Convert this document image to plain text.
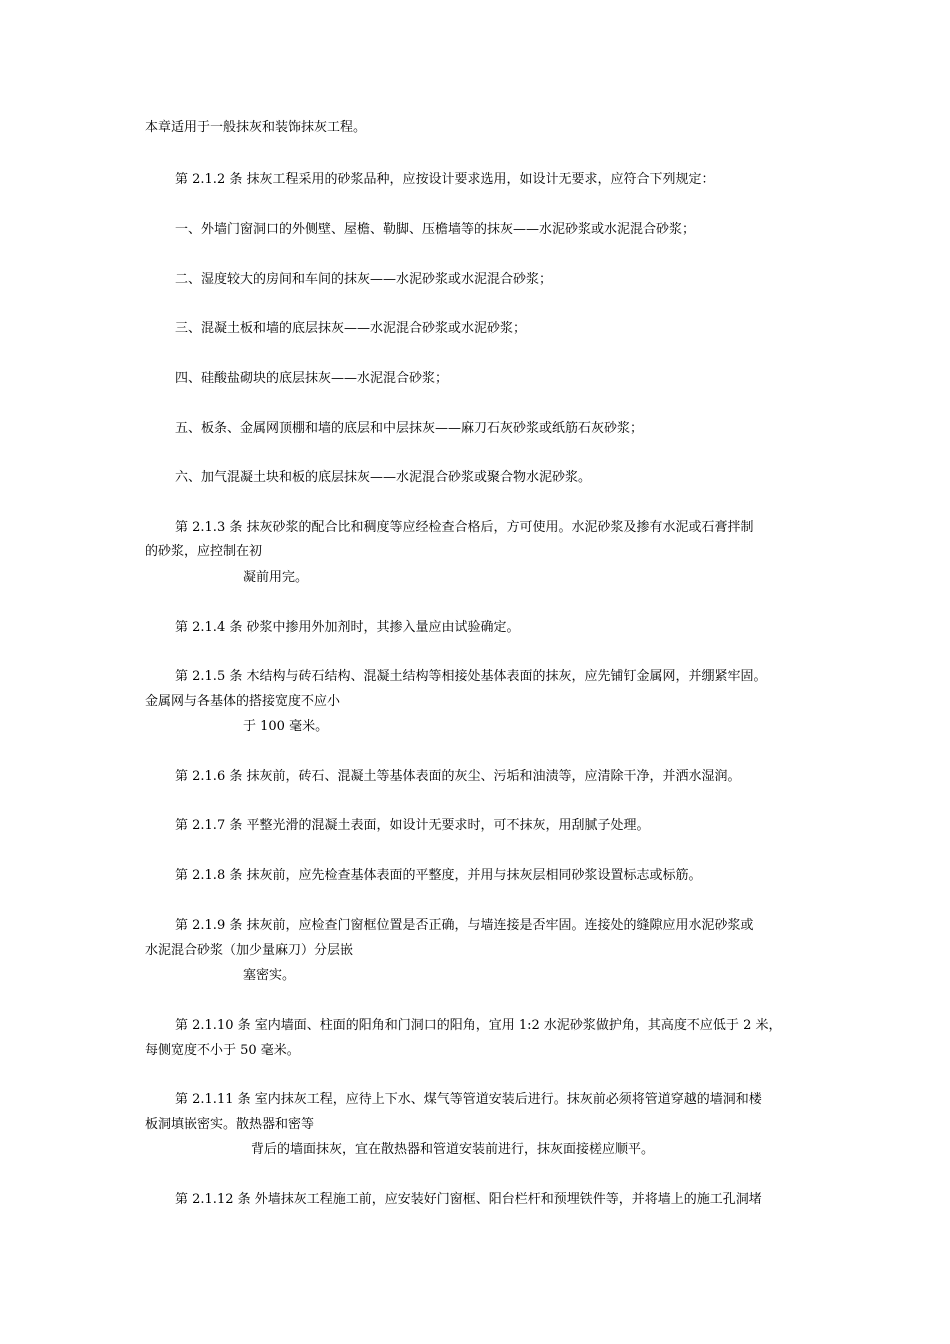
本章适用于一般抹灰和装饰抹灰工程。
第 2.1.2 条 抹灰工程采用的砂浆品种，应按设计要求选用，如设计无要求，应符合下列规定：
一、外墙门窗洞口的外侧壁、屋檐、勒脚、压檐墙等的抹灰——水泥砂浆或水泥混合砂浆；
二、湿度较大的房间和车间的抹灰——水泥砂浆或水泥混合砂浆；
三、混凝土板和墙的底层抹灰——水泥混合砂浆或水泥砂浆；
四、硅酸盐砌块的底层抹灰——水泥混合砂浆；
五、板条、金属网顶棚和墙的底层和中层抹灰——麻刀石灰砂浆或纸筋石灰砂浆；
六、加气混凝土块和板的底层抹灰——水泥混合砂浆或聚合物水泥砂浆。
第 2.1.3 条 抹灰砂浆的配合比和稠度等应经检查合格后，方可使用。水泥砂浆及掺有水泥或石膏拌制
的砂浆，应控制在初
凝前用完。
第 2.1.4 条 砂浆中掺用外加剂时，其掺入量应由试验确定。
第 2.1.5 条 木结构与砖石结构、混凝土结构等相接处基体表面的抹灰，应先铺钉金属网，并绷紧牢固。
金属网与各基体的搭接宽度不应小
于 100 毫米。
第 2.1.6 条 抹灰前，砖石、混凝土等基体表面的灰尘、污垢和油渍等，应清除干净，并洒水湿润。
第 2.1.7 条 平整光滑的混凝土表面，如设计无要求时，可不抹灰，用刮腻子处理。
第 2.1.8 条 抹灰前，应先检查基体表面的平整度，并用与抹灰层相同砂浆设置标志或标筋。
第 2.1.9 条 抹灰前，应检查门窗框位置是否正确，与墙连接是否牢固。连接处的缝隙应用水泥砂浆或
水泥混合砂浆（加少量麻刀）分层嵌
塞密实。
第 2.1.10 条 室内墙面、柱面的阳角和门洞口的阳角，宜用 1:2 水泥砂浆做护角，其高度不应低于 2 米，
每侧宽度不小于 50 毫米。
第 2.1.11 条 室内抹灰工程，应待上下水、煤气等管道安装后进行。抹灰前必须将管道穿越的墙洞和楼
板洞填嵌密实。散热器和密等
背后的墙面抹灰，宜在散热器和管道安装前进行，抹灰面接槎应顺平。
第 2.1.12 条 外墙抹灰工程施工前，应安装好门窗框、阳台栏杆和预埋铁件等，并将墙上的施工孔洞堵
